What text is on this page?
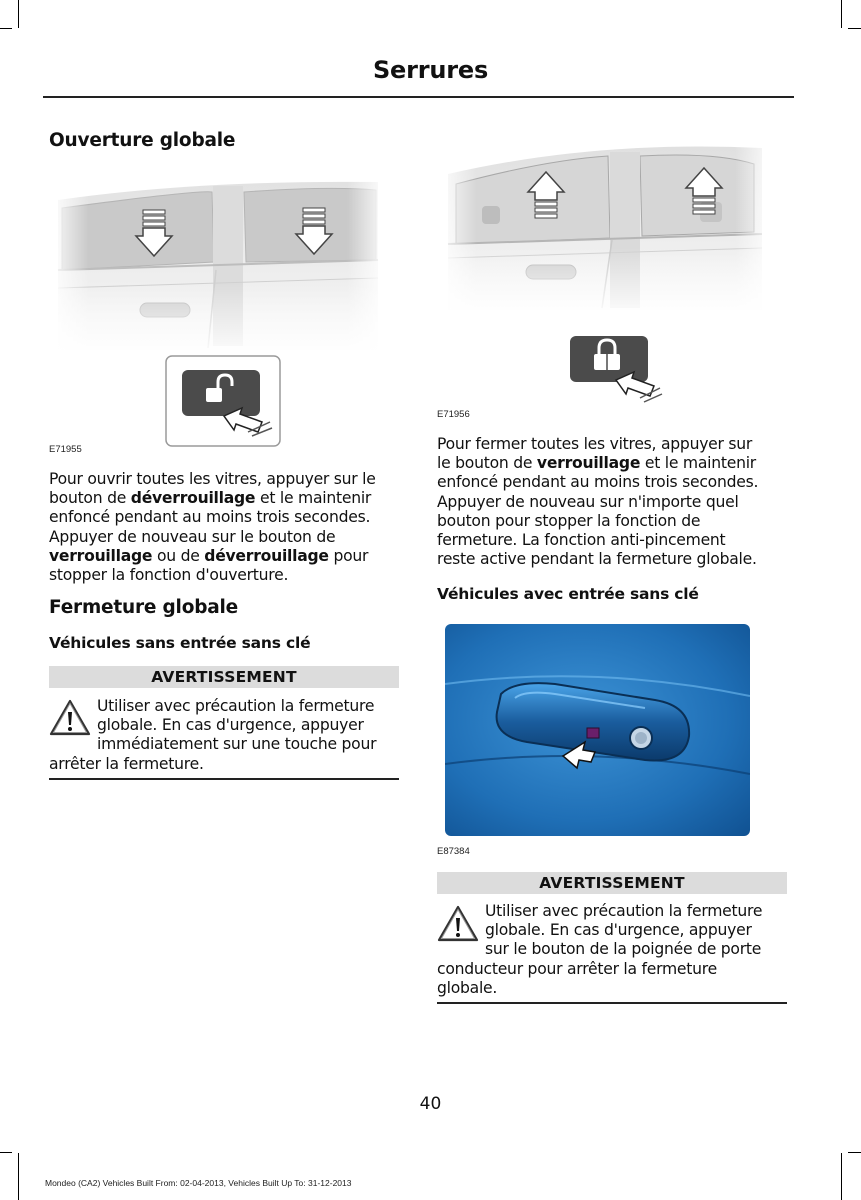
Serrures
Ouverture globale
E71955
Pour ouvrir toutes les vitres, appuyer sur le
bouton de déverrouillage et le maintenir
enfoncé pendant au moins trois secondes.
Appuyer de nouveau sur le bouton de
verrouillage ou de déverrouillage pour
stopper la fonction d'ouverture.
Fermeture globale
Véhicules sans entrée sans clé
AVERTISSEMENT
Utiliser avec précaution la fermeture
globale. En cas d'urgence, appuyer
immédiatement sur une touche pour
arrêter la fermeture.
E71956
Pour fermer toutes les vitres, appuyer sur
le bouton de verrouillage et le maintenir
enfoncé pendant au moins trois secondes.
Appuyer de nouveau sur n'importe quel
bouton pour stopper la fonction de
fermeture. La fonction anti-pincement
reste active pendant la fermeture globale.
Véhicules avec entrée sans clé
E87384
AVERTISSEMENT
Utiliser avec précaution la fermeture
globale. En cas d'urgence, appuyer
sur le bouton de la poignée de porte
conducteur pour arrêter la fermeture
globale.
40
Mondeo (CA2) Vehicles Built From: 02-04-2013, Vehicles Built Up To: 31-12-2013
